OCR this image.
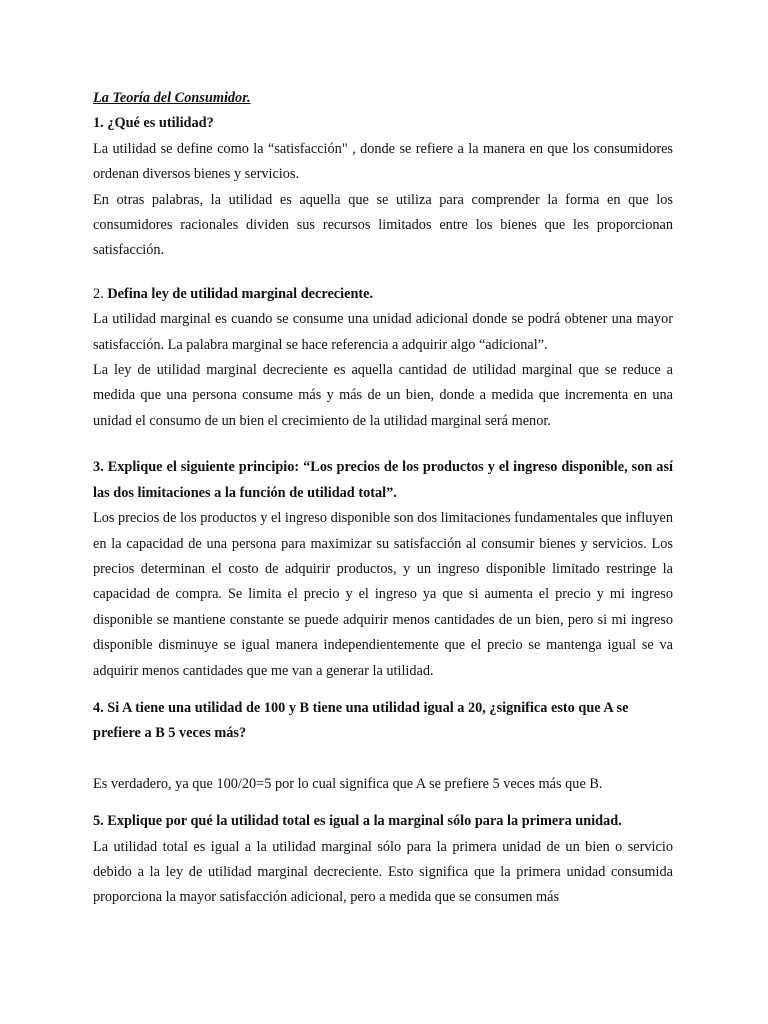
La Teoría del Consumidor.
1. ¿Qué es utilidad?

La utilidad se define como la “satisfacción" , donde se refiere a la manera en que los consumidores ordenan diversos bienes y servicios.

En otras palabras, la utilidad es aquella que se utiliza para comprender la forma en que los consumidores racionales dividen sus recursos limitados entre los bienes que les proporcionan satisfacción.

2. Defina ley de utilidad marginal decreciente.

La utilidad marginal es cuando se consume una unidad adicional donde se podrá obtener una mayor satisfacción. La palabra marginal se hace referencia a adquirir algo “adicional”.

La ley de utilidad marginal decreciente es aquella cantidad de utilidad marginal que se reduce a medida que una persona consume más y más de un bien, donde a medida que incrementa en una unidad el consumo de un bien el crecimiento de la utilidad marginal será menor.

3. Explique el siguiente principio: “Los precios de los productos y el ingreso disponible, son así las dos limitaciones a la función de utilidad total”.

Los precios de los productos y el ingreso disponible son dos limitaciones fundamentales que influyen en la capacidad de una persona para maximizar su satisfacción al consumir bienes y servicios. Los precios determinan el costo de adquirir productos, y un ingreso disponible limitado restringe la capacidad de compra. Se limita el precio y el ingreso ya que si aumenta el precio y mi ingreso disponible se mantiene constante se puede adquirir menos cantidades de un bien, pero si mi ingreso disponible disminuye se igual manera independientemente que el precio se mantenga igual se va adquirir menos cantidades que me van a generar la utilidad.

4. Si A tiene una utilidad de 100 y B tiene una utilidad igual a 20, ¿significa esto que A se prefiere a B 5 veces más?

Es verdadero, ya que 100/20=5 por lo cual significa que A se prefiere 5 veces más que B.

5. Explique por qué la utilidad total es igual a la marginal sólo para la primera unidad.

La utilidad total es igual a la utilidad marginal sólo para la primera unidad de un bien o servicio debido a la ley de utilidad marginal decreciente. Esto significa que la primera unidad consumida proporciona la mayor satisfacción adicional, pero a medida que se consumen más
